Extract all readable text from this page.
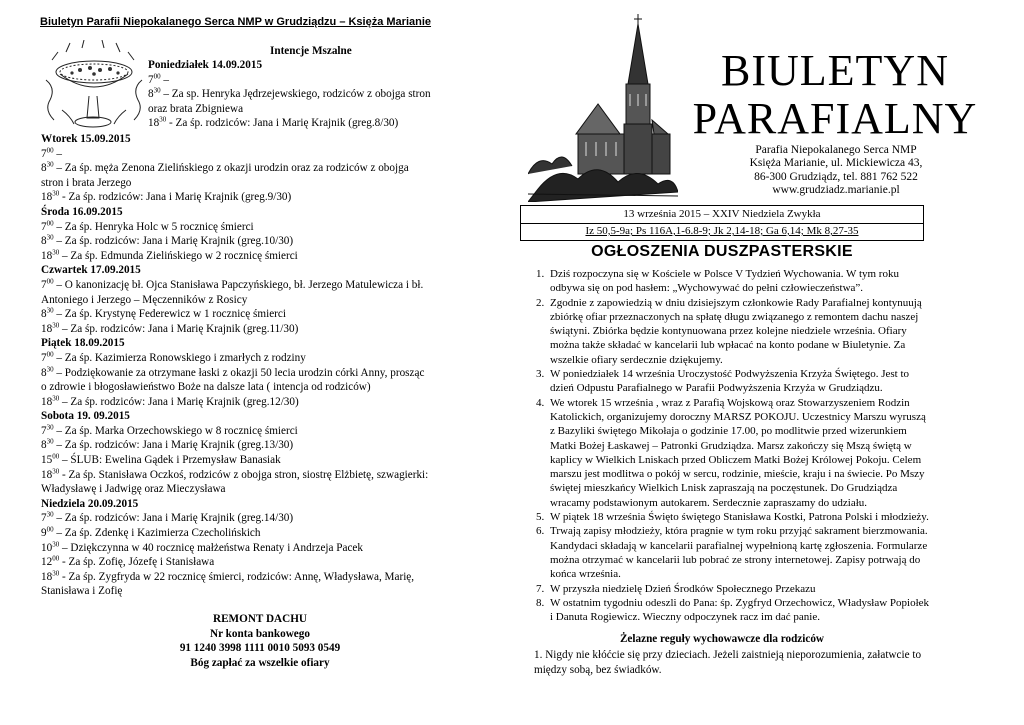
Biuletyn Parafii Niepokalanego Serca NMP w Grudziądzu – Księża Marianie
Intencje Mszalne
Poniedziałek 14.09.2015
$7^{00}$ –
$8^{30}$ – Za sp. Henryka Jędrzejewskiego, rodziców z obojga stron
oraz brata Zbigniewa
$18^{30}$ - Za śp. rodziców: Jana i Marię Krajnik (greg.8/30)
Wtorek 15.09.2015
$7^{00}$ –
$8^{30}$ – Za śp. męża Zenona Zielińskiego z okazji urodzin oraz za rodziców z obojga
stron i brata Jerzego
$18^{30}$ - Za śp. rodziców: Jana i Marię Krajnik (greg.9/30)
Środa 16.09.2015
$7^{00}$ – Za śp. Henryka Holc w 5 rocznicę śmierci
$8^{30}$ – Za śp. rodziców: Jana i Marię Krajnik (greg.10/30)
$18^{30}$ – Za śp. Edmunda Zielińskiego w 2 rocznicę śmierci
Czwartek 17.09.2015
$7^{00}$ – O kanonizację bł. Ojca Stanisława Papczyńskiego, bł. Jerzego Matulewicza i bł.
Antoniego i Jerzego – Męczenników z Rosicy
$8^{30}$ – Za śp. Krystynę Federewicz w 1 rocznicę śmierci
$18^{30}$ – Za śp. rodziców: Jana i Marię Krajnik (greg.11/30)
Piątek 18.09.2015
$7^{00}$ – Za śp. Kazimierza Ronowskiego i zmarłych z rodziny
$8^{30}$ – Podziękowanie za otrzymane łaski z okazji 50 lecia urodzin córki Anny, prosząc
o zdrowie i błogosławieństwo Boże na dalsze lata ( intencja od rodziców)
$18^{30}$ – Za śp. rodziców: Jana i Marię Krajnik (greg.12/30)
Sobota 19. 09.2015
$7^{30}$ – Za śp. Marka Orzechowskiego w 8 rocznicę śmierci
$8^{30}$ – Za śp. rodziców: Jana i Marię Krajnik (greg.13/30)
$15^{00}$ – ŚLUB: Ewelina Gądek i Przemysław Banasiak
$18^{30}$ - Za śp. Stanisława Oczkoś, rodziców z obojga stron, siostrę Elżbietę, szwagierki:
Władysławę i Jadwigę oraz Mieczysława
Niedziela 20.09.2015
$7^{30}$ – Za śp. rodziców: Jana i Marię Krajnik (greg.14/30)
$9^{00}$ – Za śp. Zdenkę i Kazimierza Czecholińskich
$10^{30}$ – Dziękczynna w 40 rocznicę małżeństwa Renaty i Andrzeja Pacek
$12^{00}$ - Za śp. Zofię, Józefę i Stanisława
$18^{30}$ - Za śp. Zygfryda w 22 rocznicę śmierci, rodziców: Annę, Władysława, Marię,
Stanisława i Zofię
REMONT DACHU
Nr konta bankowego
91 1240 3998 1111 0010 5093 0549
Bóg zapłać za wszelkie ofiary
BIULETYN
PARAFIALNY
Parafia Niepokalanego Serca NMP
Księża Marianie, ul. Mickiewicza 43,
86-300 Grudziądz, tel. 881 762 522
www.grudziadz.marianie.pl
13 września 2015 – XXIV Niedziela Zwykła
Iz 50,5-9a; Ps 116A,1-6.8-9; Jk 2,14-18; Ga 6,14; Mk 8,27-35
OGŁOSZENIA DUSZPASTERSKIE
1. Dziś rozpoczyna się w Kościele w Polsce V Tydzień Wychowania. W tym roku
odbywa się on pod hasłem: „Wychowywać do pełni człowieczeństwa”.
2. Zgodnie z zapowiedzią w dniu dzisiejszym członkowie Rady Parafialnej kontynuują
zbiórkę ofiar przeznaczonych na spłatę długu związanego z remontem dachu naszej
świątyni. Zbiórka będzie kontynuowana przez kolejne niedziele września. Ofiary
można także składać w kancelarii lub wpłacać na konto podane w Biuletynie. Za
wszelkie ofiary serdecznie dziękujemy.
3. W poniedziałek 14 września Uroczystość Podwyższenia Krzyża Świętego. Jest to
dzień Odpustu Parafialnego w Parafii Podwyższenia Krzyża w Grudziądzu.
4. We wtorek 15 września , wraz z Parafią Wojskową oraz Stowarzyszeniem Rodzin
Katolickich, organizujemy doroczny MARSZ POKOJU. Uczestnicy Marszu wyruszą
z Bazyliki świętego Mikołaja o godzinie 17.00, po modlitwie przed wizerunkiem
Matki Bożej Łaskawej – Patronki Grudziądza. Marsz zakończy się Mszą świętą w
kaplicy w Wielkich Lniskach przed Obliczem Matki Bożej Królowej Pokoju. Celem
marszu jest modlitwa o pokój w sercu, rodzinie, mieście, kraju i na świecie. Po Mszy
świętej mieszkańcy Wielkich Lnisk zapraszają na poczęstunek. Do Grudziądza
wracamy podstawionym autokarem. Serdecznie zapraszamy do udziału.
5. W piątek 18 września Święto świętego Stanisława Kostki, Patrona Polski i młodzieży.
6. Trwają zapisy młodzieży, która pragnie w tym roku przyjąć sakrament bierzmowania.
Kandydaci składają w kancelarii parafialnej wypełnioną kartę zgłoszenia. Formularze
można otrzymać w kancelarii lub pobrać ze strony internetowej. Zapisy potrwają do
końca września.
7. W przyszła niedzielę Dzień Środków Społecznego Przekazu
8. W ostatnim tygodniu odeszli do Pana: śp. Zygfryd Orzechowicz, Władysław Popiołek
i Danuta Rogiewicz. Wieczny odpoczynek racz im dać panie.
Żelazne reguły wychowawcze dla rodziców
1. Nigdy nie kłóćcie się przy dzieciach. Jeżeli zaistnieją nieporozumienia, załatwcie to
między sobą, bez świadków.
